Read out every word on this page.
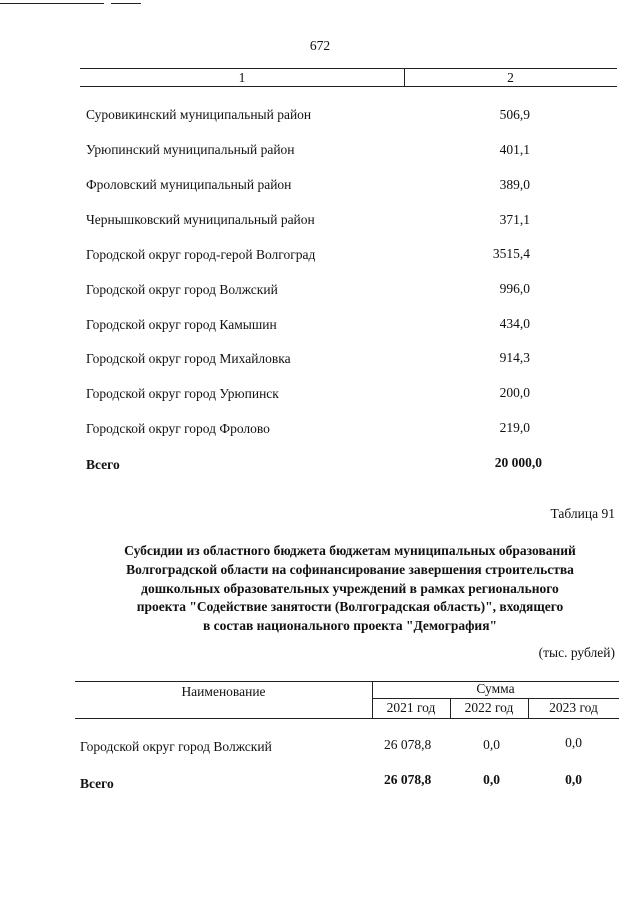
672
1	2
Суровикинский муниципальный район	506,9
Урюпинский муниципальный район	401,1
Фроловский муниципальный район	389,0
Чернышковский муниципальный район	371,1
Городской округ город-герой Волгоград	3515,4
Городской округ город Волжский	996,0
Городской округ город Камышин	434,0
Городской округ город Михайловка	914,3
Городской округ город Урюпинск	200,0
Городской округ город Фролово	219,0
Всего	20 000,0
Таблица 91
Субсидии из областного бюджета бюджетам муниципальных образований
Волгоградской области на софинансирование завершения строительства
дошкольных образовательных учреждений в рамках регионального
проекта "Содействие занятости (Волгоградская область)", входящего
в состав национального проекта "Демография"
(тыс. рублей)
Наименование	Сумма
2021 год	2022 год	2023 год
Городской округ город Волжский	26 078,8	0,0	0,0
Всего	26 078,8	0,0	0,0
